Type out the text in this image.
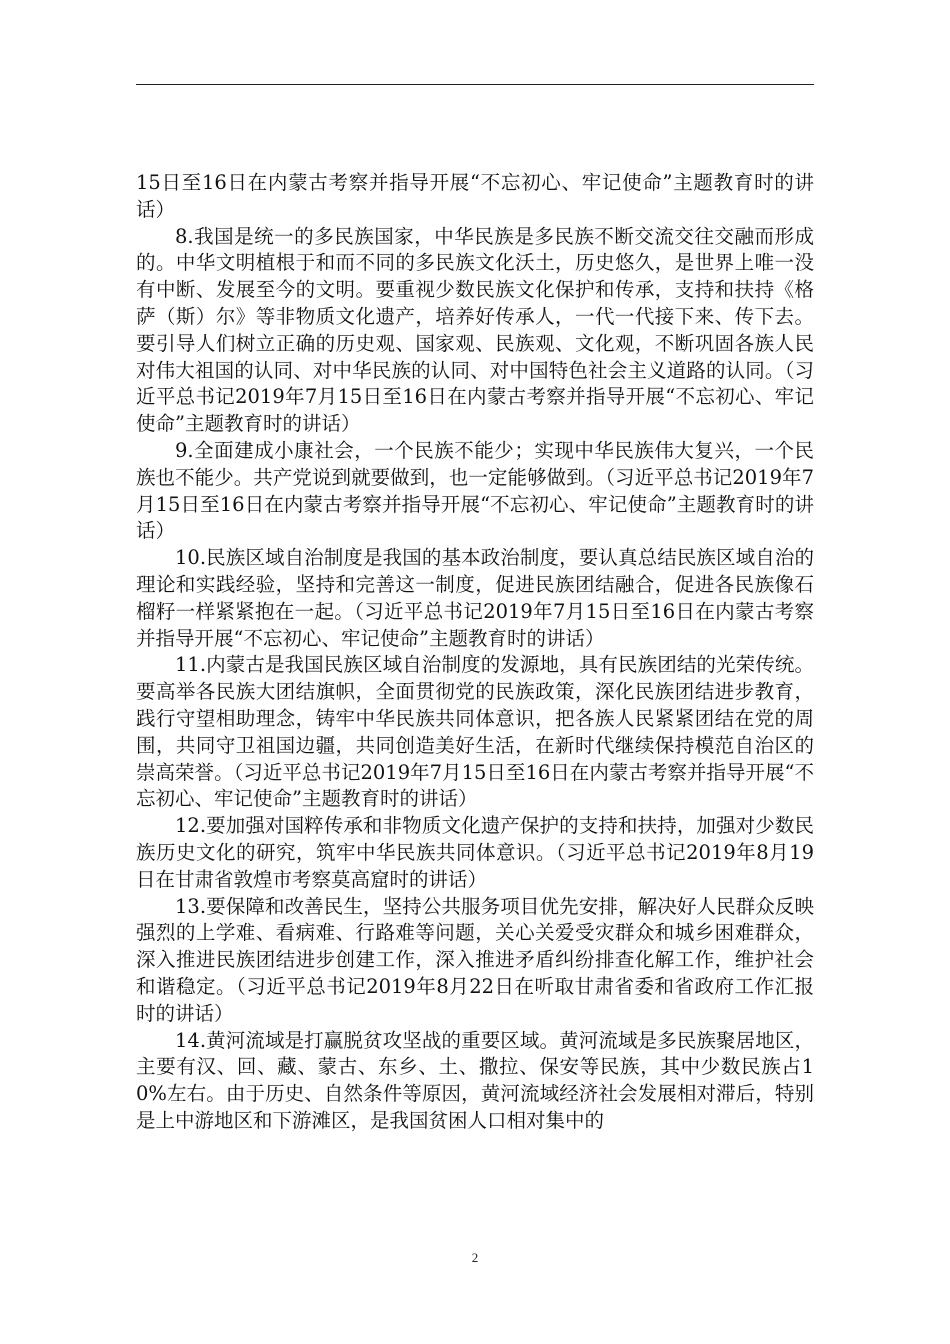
15日至16日在内蒙古考察并指导开展“不忘初心、牢记使命”主题教育时的讲话）

8.我国是统一的多民族国家，中华民族是多民族不断交流交往交融而形成的。中华文明植根于和而不同的多民族文化沃土，历史悠久，是世界上唯一没有中断、发展至今的文明。要重视少数民族文化保护和传承，支持和扶持《格萨（斯）尔》等非物质文化遗产，培养好传承人，一代一代接下来、传下去。要引导人们树立正确的历史观、国家观、民族观、文化观，不断巩固各族人民对伟大祖国的认同、对中华民族的认同、对中国特色社会主义道路的认同。（习近平总书记2019年7月15日至16日在内蒙古考察并指导开展“不忘初心、牢记使命”主题教育时的讲话）

9.全面建成小康社会，一个民族不能少；实现中华民族伟大复兴，一个民族也不能少。共产党说到就要做到，也一定能够做到。（习近平总书记2019年7月15日至16日在内蒙古考察并指导开展“不忘初心、牢记使命”主题教育时的讲话）

10.民族区域自治制度是我国的基本政治制度，要认真总结民族区域自治的理论和实践经验，坚持和完善这一制度，促进民族团结融合，促进各民族像石榴籽一样紧紧抱在一起。（习近平总书记2019年7月15日至16日在内蒙古考察并指导开展“不忘初心、牢记使命”主题教育时的讲话）

11.内蒙古是我国民族区域自治制度的发源地，具有民族团结的光荣传统。要高举各民族大团结旗帜，全面贯彻党的民族政策，深化民族团结进步教育，践行守望相助理念，铸牢中华民族共同体意识，把各族人民紧紧团结在党的周围，共同守卫祖国边疆，共同创造美好生活，在新时代继续保持模范自治区的崇高荣誉。（习近平总书记2019年7月15日至16日在内蒙古考察并指导开展“不忘初心、牢记使命”主题教育时的讲话）

12.要加强对国粹传承和非物质文化遗产保护的支持和扶持，加强对少数民族历史文化的研究，筑牢中华民族共同体意识。（习近平总书记2019年8月19日在甘肃省敦煌市考察莫高窟时的讲话）

13.要保障和改善民生，坚持公共服务项目优先安排，解决好人民群众反映强烈的上学难、看病难、行路难等问题，关心关爱受灾群众和城乡困难群众，深入推进民族团结进步创建工作，深入推进矛盾纠纷排查化解工作，维护社会和谐稳定。（习近平总书记2019年8月22日在听取甘肃省委和省政府工作汇报时的讲话）

14.黄河流域是打赢脱贫攻坚战的重要区域。黄河流域是多民族聚居地区，主要有汉、回、藏、蒙古、东乡、土、撒拉、保安等民族，其中少数民族占10%左右。由于历史、自然条件等原因，黄河流域经济社会发展相对滞后，特别是上中游地区和下游滩区，是我国贫困人口相对集中的

2
